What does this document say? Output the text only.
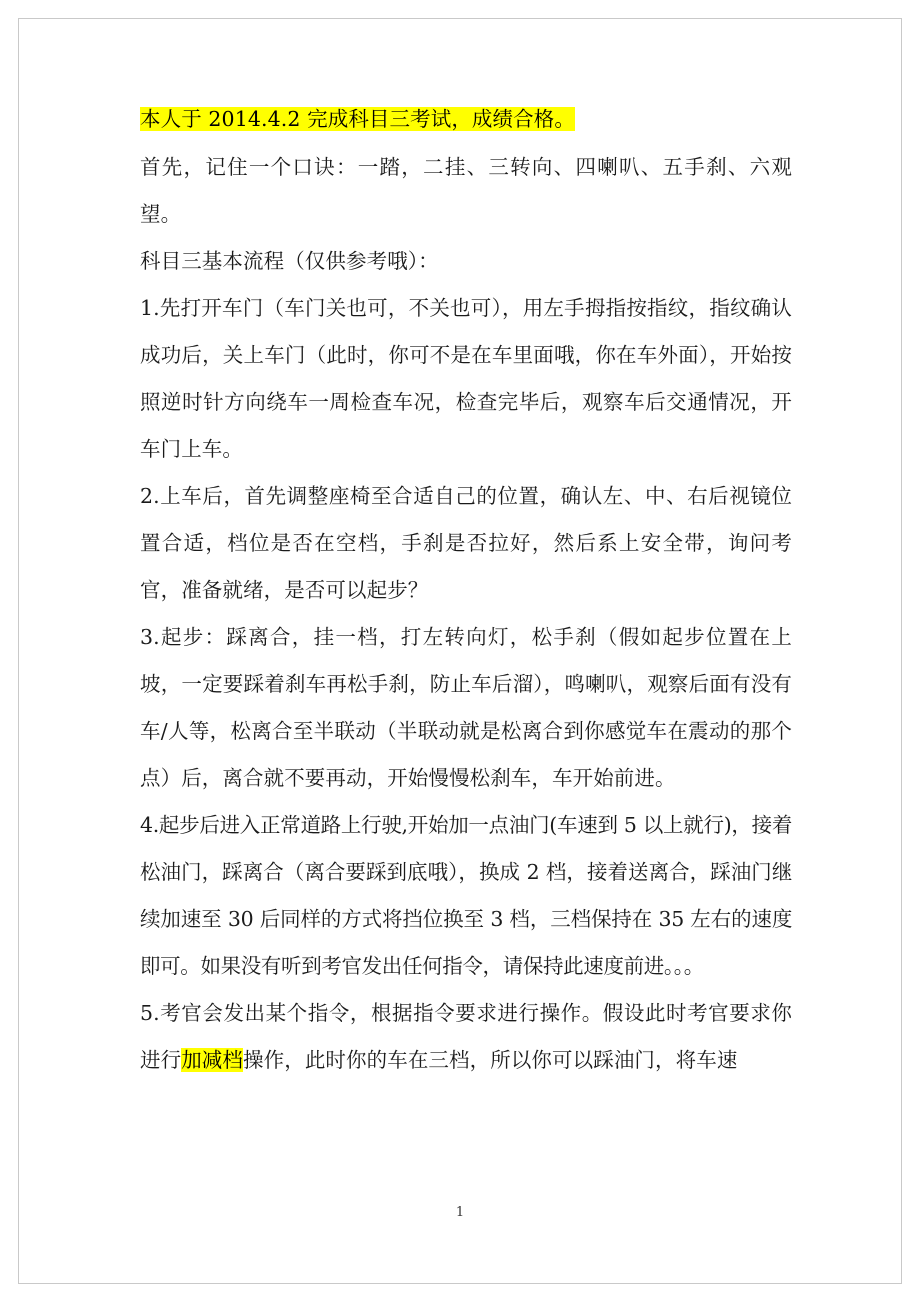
本人于 2014.4.2 完成科目三考试，成绩合格。

首先，记住一个口诀：一踏，二挂、三转向、四喇叭、五手刹、六观望。

科目三基本流程（仅供参考哦）：

1.先打开车门（车门关也可，不关也可），用左手拇指按指纹，指纹确认成功后，关上车门（此时，你可不是在车里面哦，你在车外面），开始按照逆时针方向绕车一周检查车况，检查完毕后，观察车后交通情况，开车门上车。

2.上车后，首先调整座椅至合适自己的位置，确认左、中、右后视镜位置合适，档位是否在空档，手刹是否拉好，然后系上安全带，询问考官，准备就绪，是否可以起步？

3.起步：踩离合，挂一档，打左转向灯，松手刹（假如起步位置在上坡，一定要踩着刹车再松手刹，防止车后溜），鸣喇叭，观察后面有没有车/人等，松离合至半联动（半联动就是松离合到你感觉车在震动的那个点）后，离合就不要再动，开始慢慢松刹车，车开始前进。

4.起步后进入正常道路上行驶,开始加一点油门(车速到 5 以上就行)，接着松油门，踩离合（离合要踩到底哦），换成 2 档，接着送离合，踩油门继续加速至 30 后同样的方式将挡位换至 3 档，三档保持在 35 左右的速度即可。如果没有听到考官发出任何指令，请保持此速度前进。。。

5.考官会发出某个指令，根据指令要求进行操作。假设此时考官要求你进行加减档操作，此时你的车在三档，所以你可以踩油门，将车速

1
